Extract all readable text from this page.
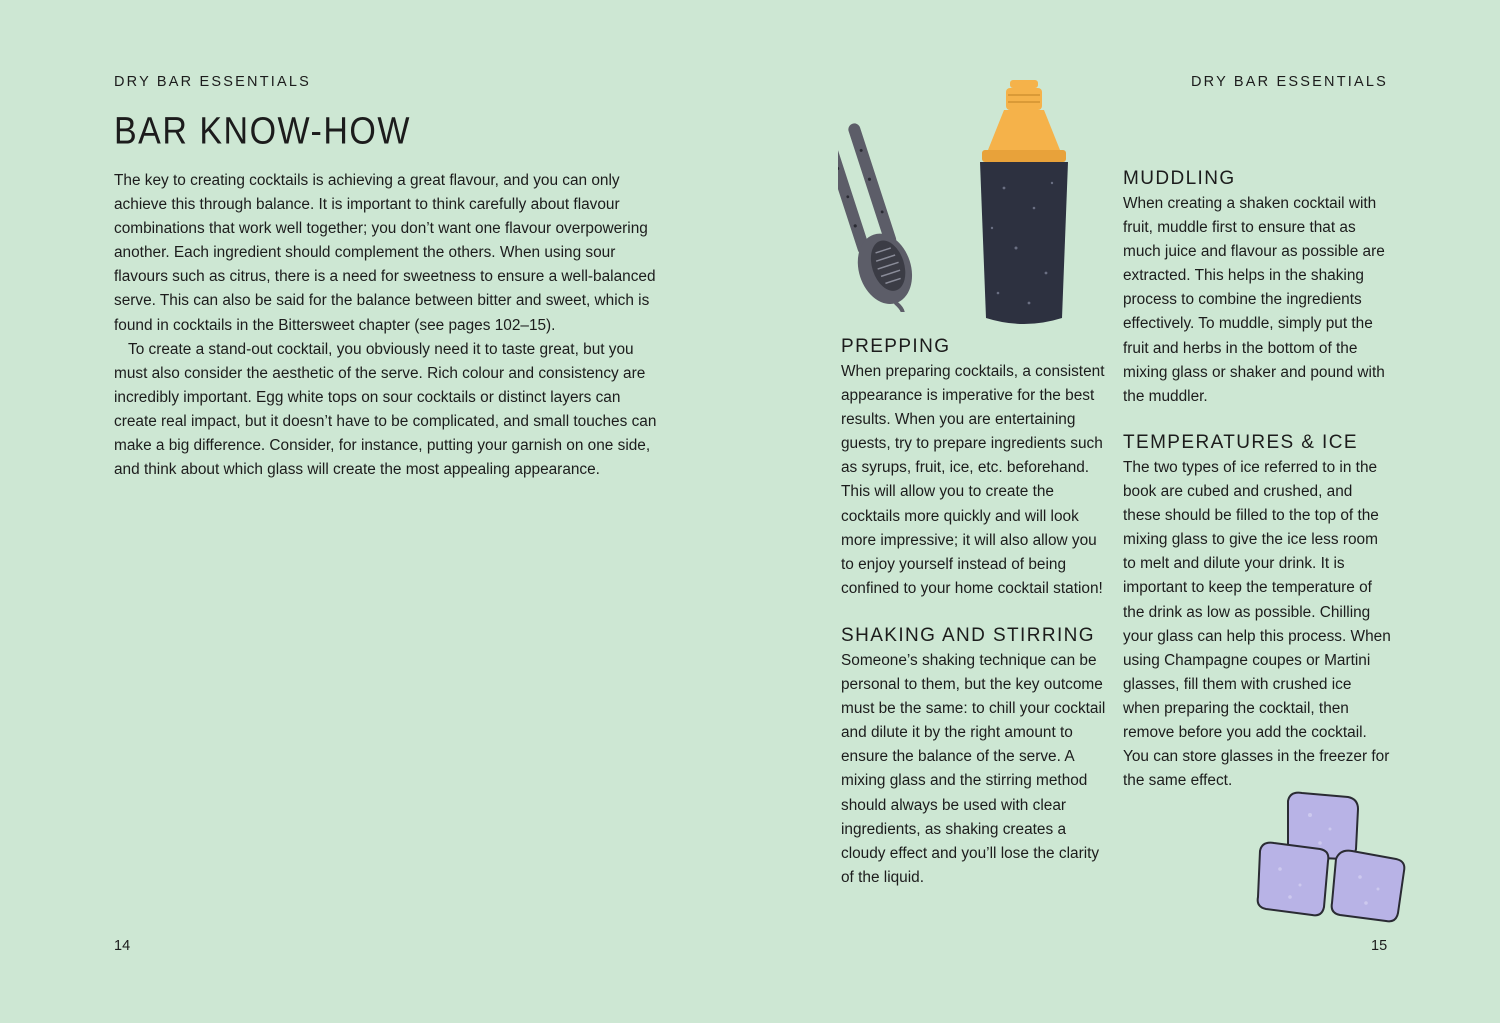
DRY BAR ESSENTIALS
BAR KNOW-HOW

The key to creating cocktails is achieving a great flavour, and you can only achieve this through balance. It is important to think carefully about flavour combinations that work well together; you don’t want one flavour overpowering another. Each ingredient should complement the others. When using sour flavours such as citrus, there is a need for sweetness to ensure a well-balanced serve. This can also be said for the balance between bitter and sweet, which is found in cocktails in the Bittersweet chapter (see pages 102–15).

To create a stand-out cocktail, you obviously need it to taste great, but you must also consider the aesthetic of the serve. Rich colour and consistency are incredibly important. Egg white tops on sour cocktails or distinct layers can create real impact, but it doesn’t have to be complicated, and small touches can make a big difference. Consider, for instance, putting your garnish on one side, and think about which glass will create the most appealing appearance.

14
DRY BAR ESSENTIALS
PREPPING

When preparing cocktails, a consistent appearance is imperative for the best results. When you are entertaining guests, try to prepare ingredients such as syrups, fruit, ice, etc. beforehand. This will allow you to create the cocktails more quickly and will look more impressive; it will also allow you to enjoy yourself instead of being confined to your home cocktail station!

SHAKING AND STIRRING

Someone’s shaking technique can be personal to them, but the key outcome must be the same: to chill your cocktail and dilute it by the right amount to ensure the balance of the serve. A mixing glass and the stirring method should always be used with clear ingredients, as shaking creates a cloudy effect and you’ll lose the clarity of the liquid.

MUDDLING

When creating a shaken cocktail with fruit, muddle first to ensure that as much juice and flavour as possible are extracted. This helps in the shaking process to combine the ingredients effectively. To muddle, simply put the fruit and herbs in the bottom of the mixing glass or shaker and pound with the muddler.

TEMPERATURES & ICE

The two types of ice referred to in the book are cubed and crushed, and these should be filled to the top of the mixing glass to give the ice less room to melt and dilute your drink. It is important to keep the temperature of the drink as low as possible. Chilling your glass can help this process. When using Champagne coupes or Martini glasses, fill them with crushed ice when preparing the cocktail, then remove before you add the cocktail. You can store glasses in the freezer for the same effect.

15
